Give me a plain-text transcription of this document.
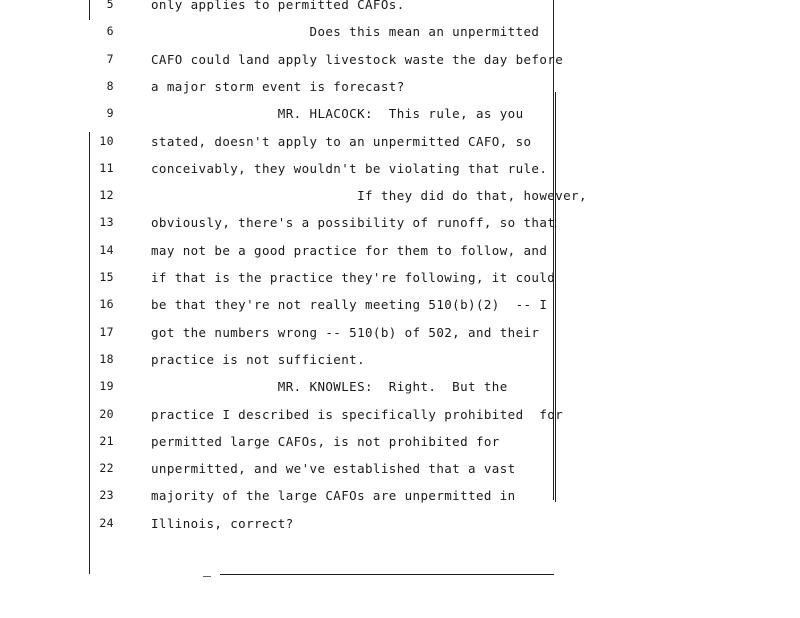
5	only applies to permitted CAFOs.
6	Does this mean an unpermitted
7	CAFO could land apply livestock waste the day before
8	a major storm event is forecast?
9	MR. HLACOCK:  This rule, as you
10	stated, doesn't apply to an unpermitted CAFO, so
11	conceivably, they wouldn't be violating that rule.
12	If they did do that, however,
13	obviously, there's a possibility of runoff, so that
14	may not be a good practice for them to follow, and
15	if that is the practice they're following, it could
16	be that they're not really meeting 510(b)(2)  -- I
17	got the numbers wrong -- 510(b) of 502, and their
18	practice is not sufficient.
19	MR. KNOWLES:  Right.  But the
20	practice I described is specifically prohibited  for
21	permitted large CAFOs, is not prohibited for
22	unpermitted, and we've established that a vast
23	majority of the large CAFOs are unpermitted in
24	Illinois, correct?
